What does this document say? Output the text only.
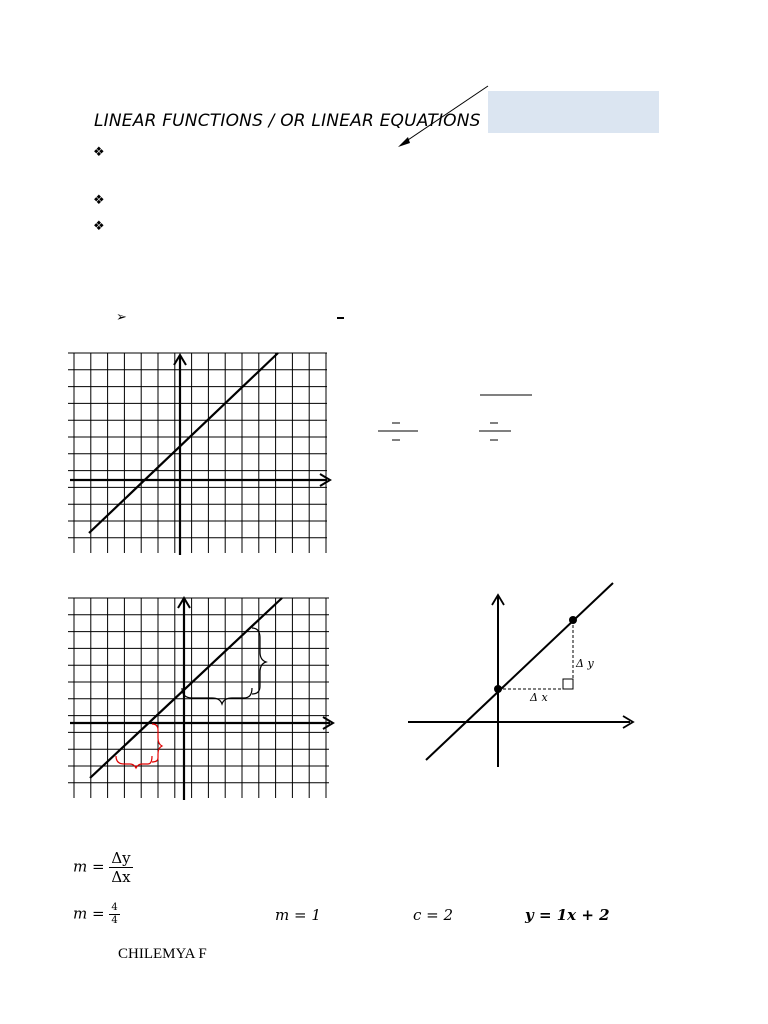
LINEAR FUNCTIONS / OR LINEAR EQUATIONS
❖
❖
❖
➢
Δ y
Δ x
$m = \frac{\Delta y}{\Delta x}$
$m = \frac{4}{4}$	m = 1	c = 2	y = 1x + 2
CHILEMYA F
